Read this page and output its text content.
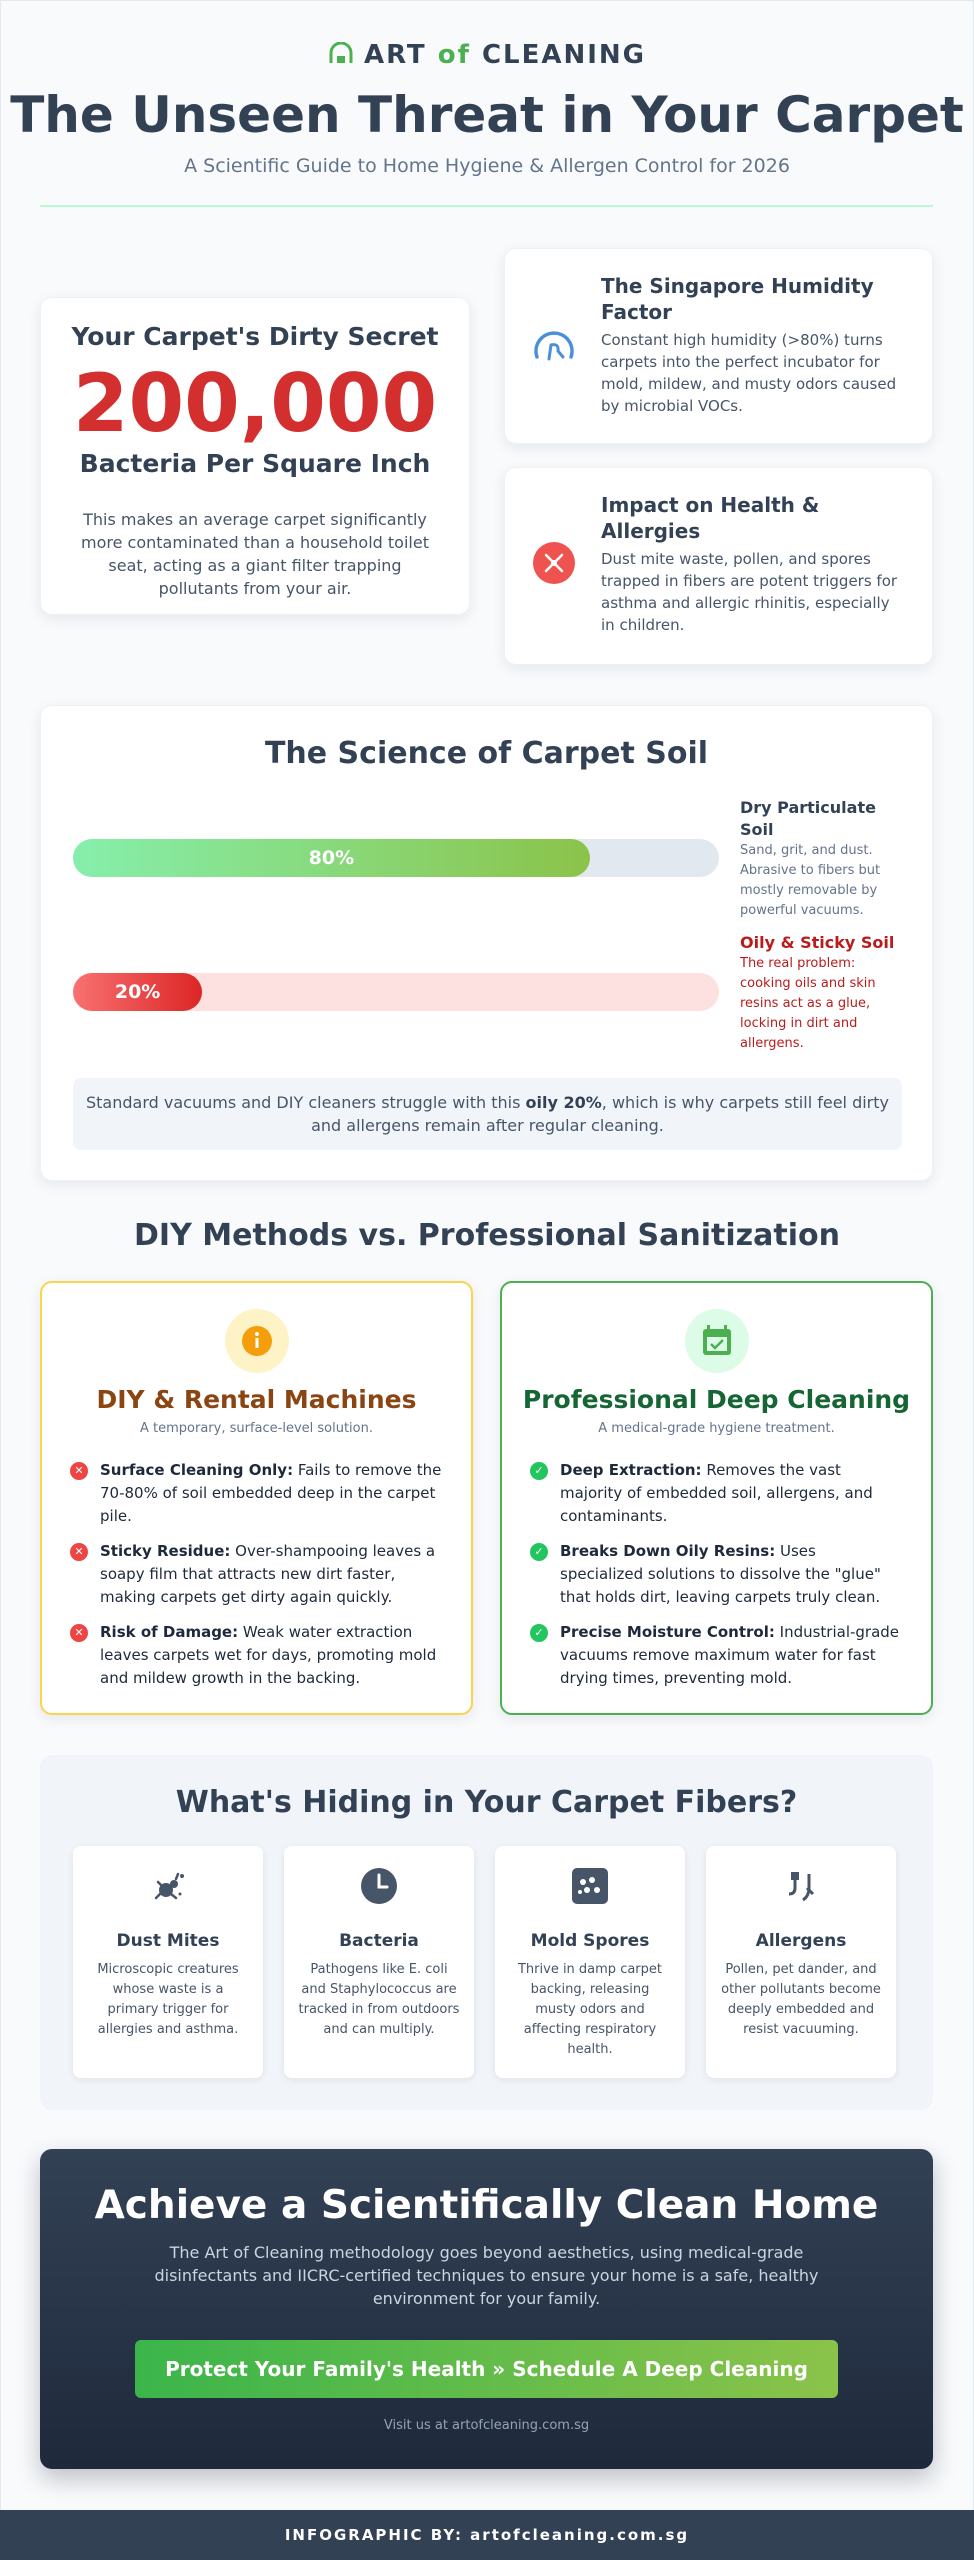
ART of CLEANING
The Unseen Threat in Your Carpet
A Scientific Guide to Home Hygiene & Allergen Control for 2026
Your Carpet's Dirty Secret
200,000
Bacteria Per Square Inch

This makes an average carpet significantly more contaminated than a household toilet seat, acting as a giant filter trapping pollutants from your air.

The Singapore Humidity Factor

Constant high humidity (>80%) turns carpets into the perfect incubator for mold, mildew, and musty odors caused by microbial VOCs.

Impact on Health & Allergies

Dust mite waste, pollen, and spores trapped in fibers are potent triggers for asthma and allergic rhinitis, especially in children.

The Science of Carpet Soil
80%
Dry Particulate Soil

Sand, grit, and dust. Abrasive to fibers but mostly removable by powerful vacuums.

20%
Oily & Sticky Soil

The real problem: cooking oils and skin resins act as a glue, locking in dirt and allergens.

Standard vacuums and DIY cleaners struggle with this oily 20%, which is why carpets still feel dirty and allergens remain after regular cleaning.
DIY Methods vs. Professional Sanitization
DIY & Rental Machines
A temporary, surface-level solution.
✕ Surface Cleaning Only: Fails to remove the 70-80% of soil embedded deep in the carpet pile.
✕ Sticky Residue: Over-shampooing leaves a soapy film that attracts new dirt faster, making carpets get dirty again quickly.
✕ Risk of Damage: Weak water extraction leaves carpets wet for days, promoting mold and mildew growth in the backing.
Professional Deep Cleaning
A medical-grade hygiene treatment.
✓ Deep Extraction: Removes the vast majority of embedded soil, allergens, and contaminants.
✓ Breaks Down Oily Resins: Uses specialized solutions to dissolve the "glue" that holds dirt, leaving carpets truly clean.
✓ Precise Moisture Control: Industrial-grade vacuums remove maximum water for fast drying times, preventing mold.
What's Hiding in Your Carpet Fibers?
Dust Mites

Microscopic creatures whose waste is a primary trigger for allergies and asthma.

Bacteria

Pathogens like E. coli and Staphylococcus are tracked in from outdoors and can multiply.

Mold Spores

Thrive in damp carpet backing, releasing musty odors and affecting respiratory health.

Allergens

Pollen, pet dander, and other pollutants become deeply embedded and resist vacuuming.

Achieve a Scientifically Clean Home

The Art of Cleaning methodology goes beyond aesthetics, using medical-grade disinfectants and IICRC-certified techniques to ensure your home is a safe, healthy environment for your family.

Protect Your Family's Health » Schedule A Deep Cleaning
Visit us at artofcleaning.com.sg
INFOGRAPHIC BY: artofcleaning.com.sg
